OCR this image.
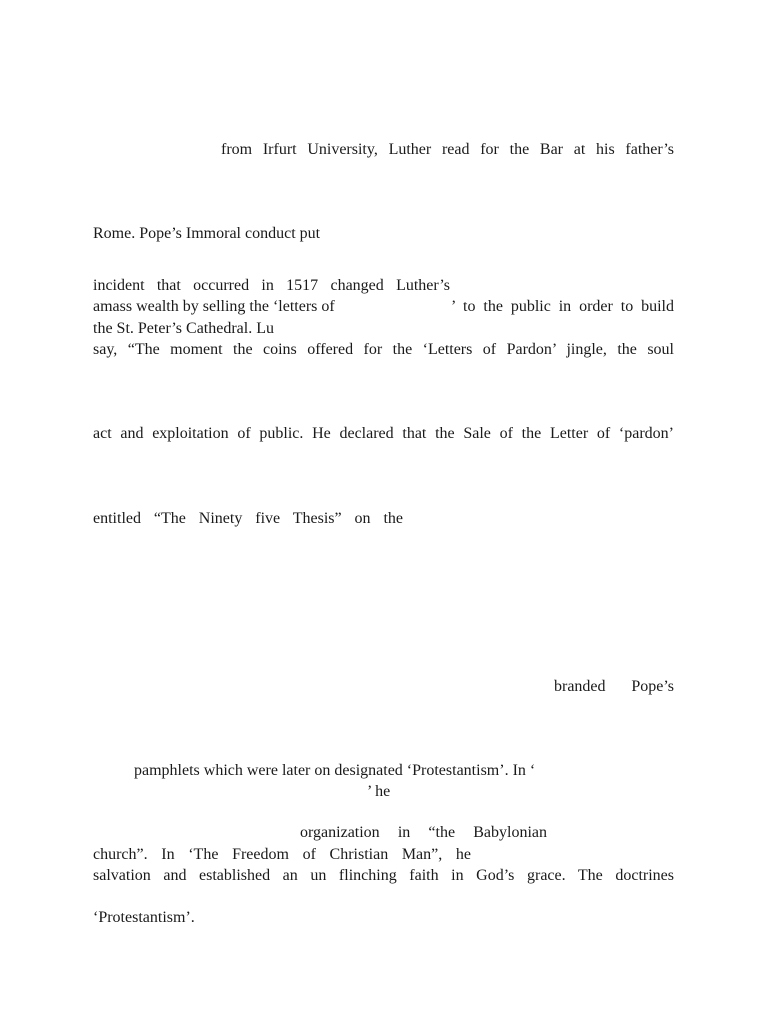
from Irfurt University, Luther read for the Bar at his father’s
Rome. Pope’s Immoral conduct put
incident that occurred in 1517 changed Luther’s
amass wealth by selling the ‘letters of	’ to the public in order to build
the St. Peter’s Cathedral. Lu
say, “The moment the coins offered for the ‘Letters of Pardon’ jingle, the soul
act and exploitation of public. He declared that the Sale of the Letter of ‘pardon’
entitled “The Ninety five Thesis” on the
branded Pope’s
pamphlets which were later on designated ‘Protestantism’. In ‘
’ he
organization in “the Babylonian
church”. In ‘The Freedom of Christian Man”, he
salvation and established an un flinching faith in God’s grace. The doctrines
‘Protestantism’.
